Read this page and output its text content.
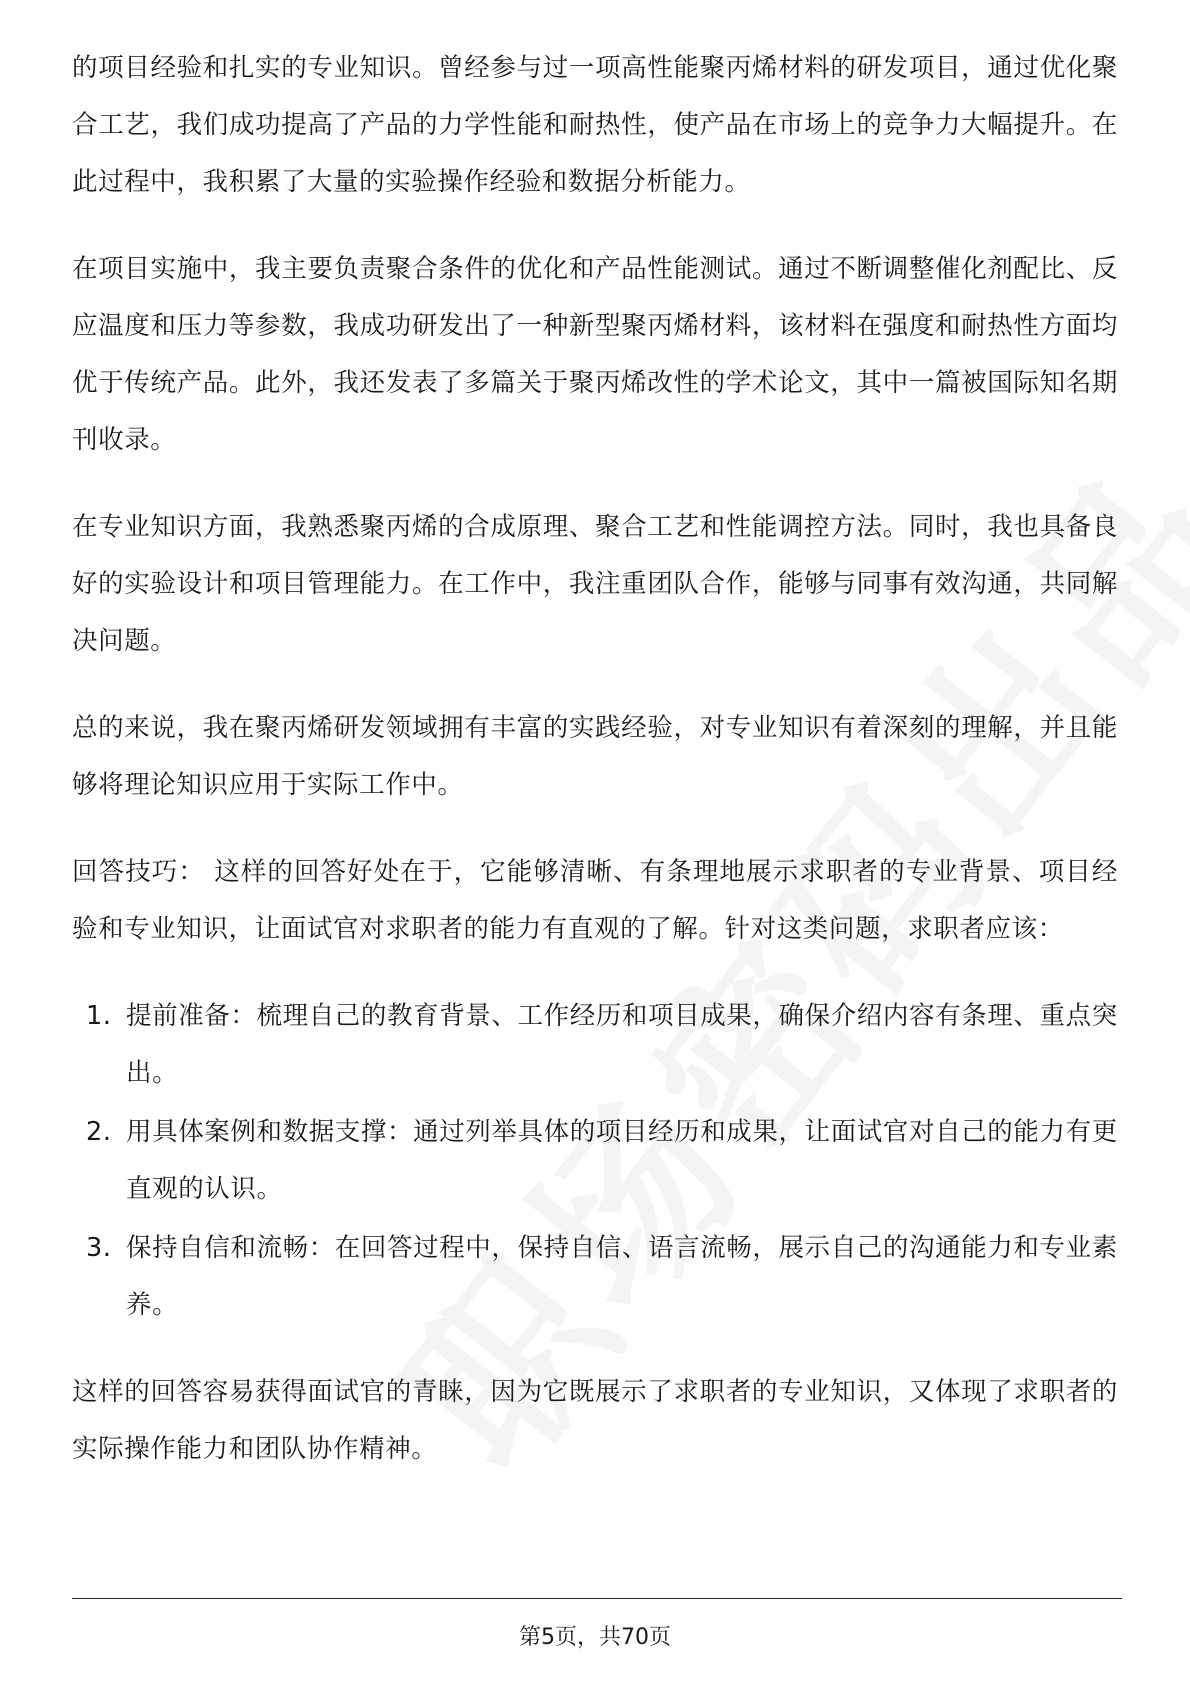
的项目经验和扎实的专业知识。曾经参与过一项高性能聚丙烯材料的研发项目，通过优化聚合工艺，我们成功提高了产品的力学性能和耐热性，使产品在市场上的竞争力大幅提升。在此过程中，我积累了大量的实验操作经验和数据分析能力。

在项目实施中，我主要负责聚合条件的优化和产品性能测试。通过不断调整催化剂配比、反应温度和压力等参数，我成功研发出了一种新型聚丙烯材料，该材料在强度和耐热性方面均优于传统产品。此外，我还发表了多篇关于聚丙烯改性的学术论文，其中一篇被国际知名期刊收录。

在专业知识方面，我熟悉聚丙烯的合成原理、聚合工艺和性能调控方法。同时，我也具备良好的实验设计和项目管理能力。在工作中，我注重团队合作，能够与同事有效沟通，共同解决问题。

总的来说，我在聚丙烯研发领域拥有丰富的实践经验，对专业知识有着深刻的理解，并且能够将理论知识应用于实际工作中。

回答技巧： 这样的回答好处在于，它能够清晰、有条理地展示求职者的专业背景、项目经验和专业知识，让面试官对求职者的能力有直观的了解。针对这类问题，求职者应该：

1. 提前准备：梳理自己的教育背景、工作经历和项目成果，确保介绍内容有条理、重点突出。
2. 用具体案例和数据支撑：通过列举具体的项目经历和成果，让面试官对自己的能力有更直观的认识。
3. 保持自信和流畅：在回答过程中，保持自信、语言流畅，展示自己的沟通能力和专业素养。

这样的回答容易获得面试官的青睐，因为它既展示了求职者的专业知识，又体现了求职者的实际操作能力和团队协作精神。

第5页，共70页
